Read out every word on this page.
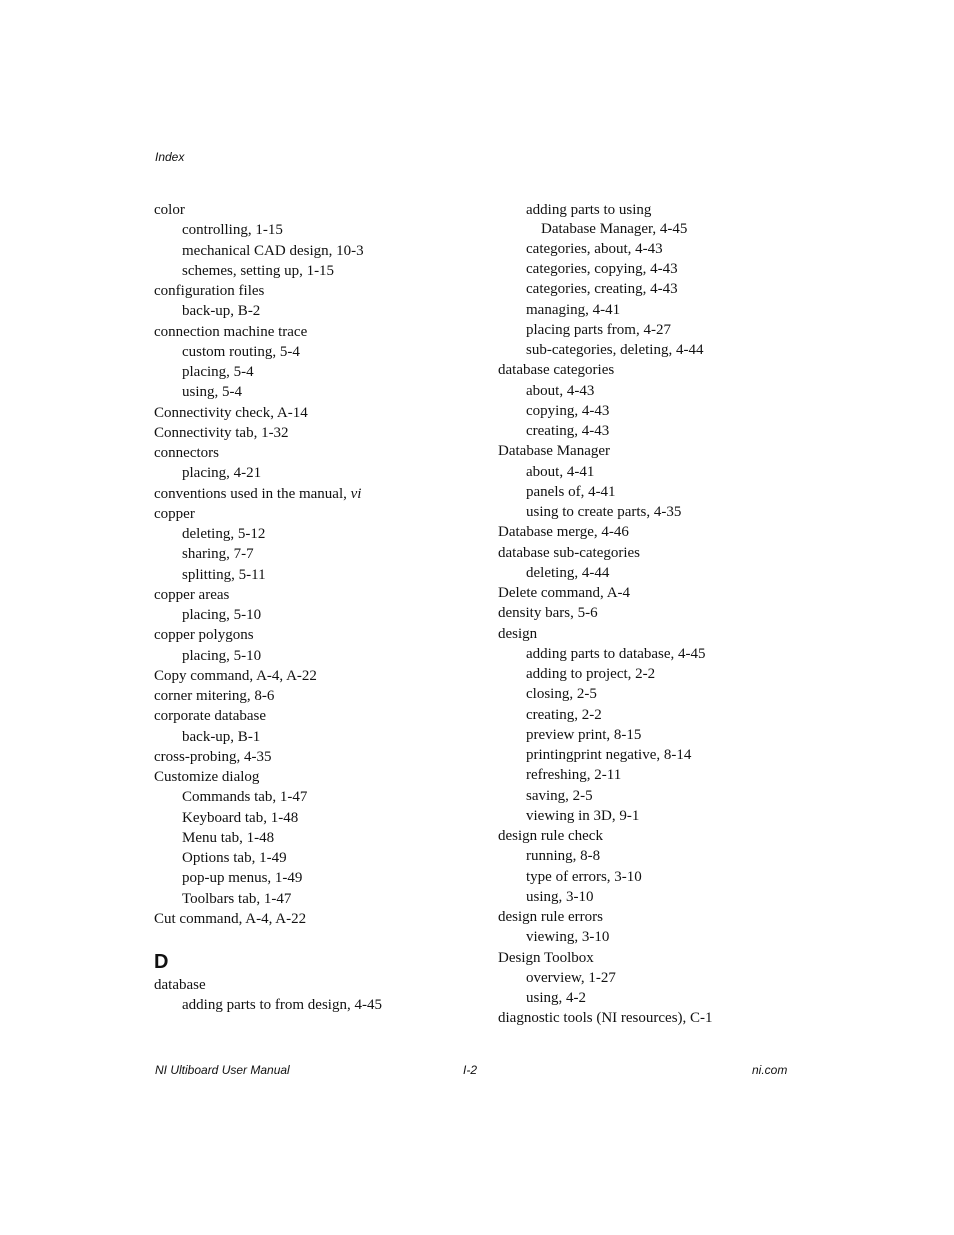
Index
color
controlling, 1-15
mechanical CAD design, 10-3
schemes, setting up, 1-15
configuration files
back-up, B-2
connection machine trace
custom routing, 5-4
placing, 5-4
using, 5-4
Connectivity check, A-14
Connectivity tab, 1-32
connectors
placing, 4-21
conventions used in the manual, vi
copper
deleting, 5-12
sharing, 7-7
splitting, 5-11
copper areas
placing, 5-10
copper polygons
placing, 5-10
Copy command, A-4, A-22
corner mitering, 8-6
corporate database
back-up, B-1
cross-probing, 4-35
Customize dialog
Commands tab, 1-47
Keyboard tab, 1-48
Menu tab, 1-48
Options tab, 1-49
pop-up menus, 1-49
Toolbars tab, 1-47
Cut command, A-4, A-22
D
database
adding parts to from design, 4-45
adding parts to using
Database Manager, 4-45
categories, about, 4-43
categories, copying, 4-43
categories, creating, 4-43
managing, 4-41
placing parts from, 4-27
sub-categories, deleting, 4-44
database categories
about, 4-43
copying, 4-43
creating, 4-43
Database Manager
about, 4-41
panels of, 4-41
using to create parts, 4-35
Database merge, 4-46
database sub-categories
deleting, 4-44
Delete command, A-4
density bars, 5-6
design
adding parts to database, 4-45
adding to project, 2-2
closing, 2-5
creating, 2-2
preview print, 8-15
printingprint negative, 8-14
refreshing, 2-11
saving, 2-5
viewing in 3D, 9-1
design rule check
running, 8-8
type of errors, 3-10
using, 3-10
design rule errors
viewing, 3-10
Design Toolbox
overview, 1-27
using, 4-2
diagnostic tools (NI resources), C-1
NI Ultiboard User Manual	I-2	ni.com
